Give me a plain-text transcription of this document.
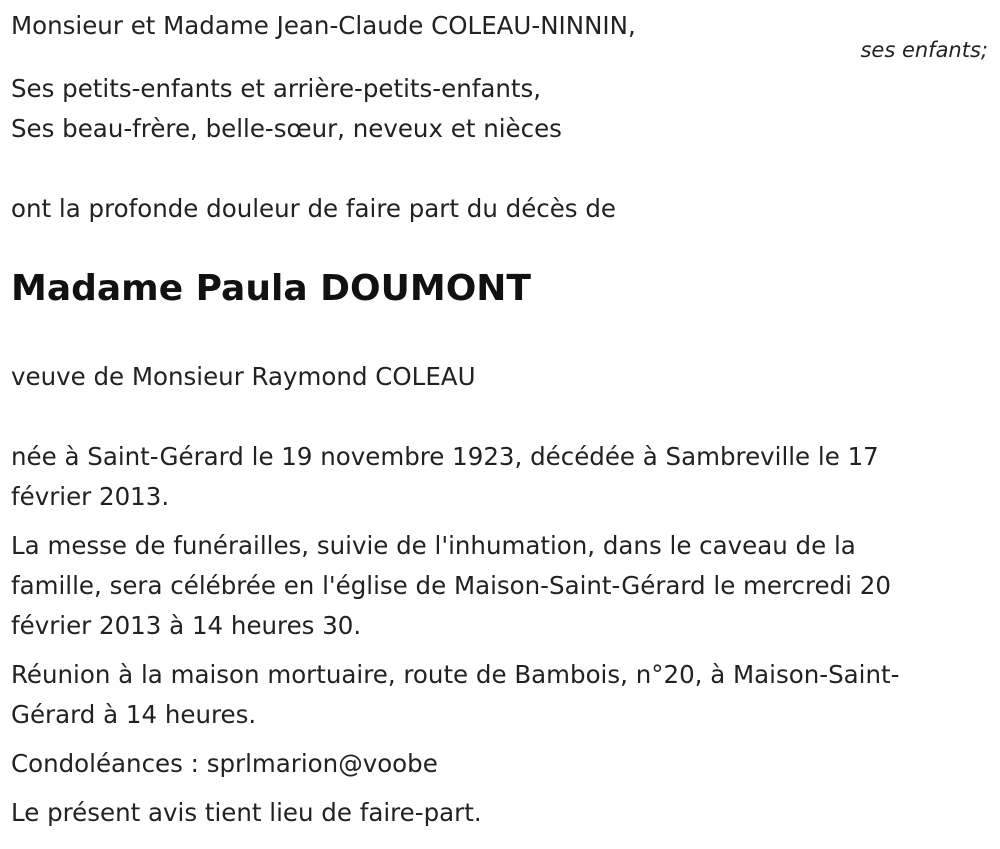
Monsieur et Madame Jean-Claude COLEAU-NINNIN,

ses enfants;

Ses petits-enfants et arrière-petits-enfants,

Ses beau-frère, belle-sœur, neveux et nièces

ont la profonde douleur de faire part du décès de

Madame Paula DOUMONT

veuve de Monsieur Raymond COLEAU

née à Saint-Gérard le 19 novembre 1923, décédée à Sambreville le 17

février 2013.

La messe de funérailles, suivie de l'inhumation, dans le caveau de la

famille, sera célébrée en l'église de Maison-Saint-Gérard le mercredi 20

février 2013 à 14 heures 30.

Réunion à la maison mortuaire, route de Bambois, n°20, à Maison-Saint-

Gérard à 14 heures.

Condoléances : sprlmarion@voobe

Le présent avis tient lieu de faire-part.
